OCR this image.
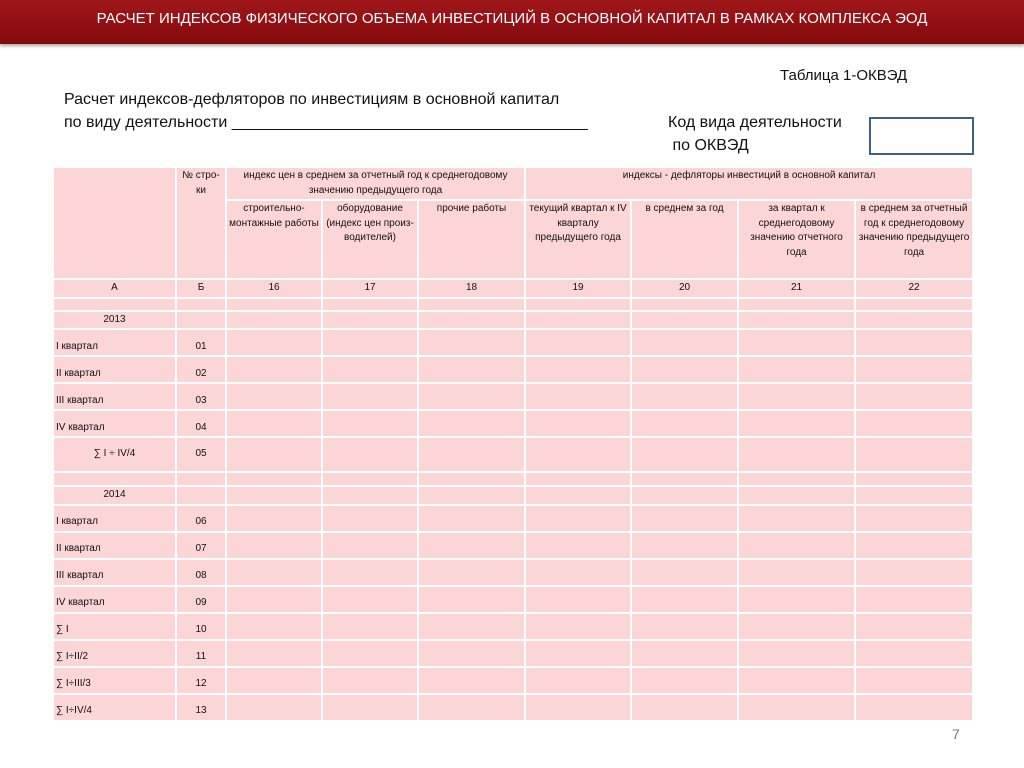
РАСЧЕТ ИНДЕКСОВ ФИЗИЧЕСКОГО ОБЪЕМА ИНВЕСТИЦИЙ В ОСНОВНОЙ КАПИТАЛ В РАМКАХ КОМПЛЕКСА ЭОД
Таблица 1-ОКВЭД
Расчет индексов-дефляторов по инвестициям в основной капитал
по виду деятельности ________________________________________	Код вида деятельности
по ОКВЭД
	№ стро-ки	индекс цен в среднем за отчетный год к среднегодовому значению предыдущего года			индексы - дефляторы инвестиций в основной капитал			
		строительно-монтажные работы	оборудование (индекс цен произ-водителей)	прочие работы	текущий квартал к IV кварталу предыдущего года	в среднем за год	за квартал к среднегодовому значению отчетного года	в среднем за отчетный год к среднегодовому значению предыдущего года
А	Б	16	17	18	19	20	21	22

2013								
I квартал	01							
II квартал	02							
III квартал	03							
IV квартал	04							
∑ I ÷ IV/4	05							

2014								
I квартал	06							
II квартал	07							
III квартал	08							
IV квартал	09							
∑ I	10							
∑ I÷II/2	11							
∑ I÷III/3	12							
∑ I÷IV/4	13							
7
